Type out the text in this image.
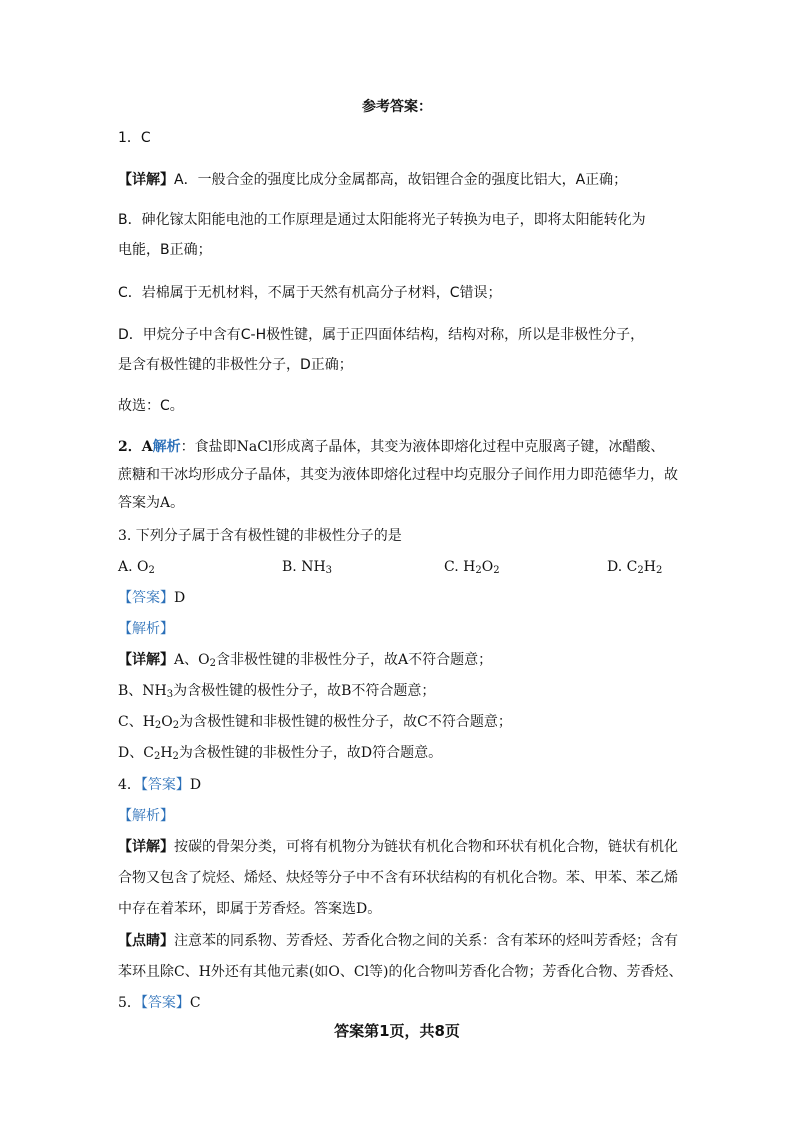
参考答案：
1．C
【详解】A．一般合金的强度比成分金属都高，故铝锂合金的强度比铝大，A正确；
B．砷化镓太阳能电池的工作原理是通过太阳能将光子转换为电子，即将太阳能转化为
电能，B正确；
C．岩棉属于无机材料，不属于天然有机高分子材料，C错误；
D．甲烷分子中含有C-H极性键，属于正四面体结构，结构对称，所以是非极性分子，
是含有极性键的非极性分子，D正确；
故选：C。
2．A解析：食盐即NaCl形成离子晶体，其变为液体即熔化过程中克服离子键，冰醋酸、
蔗糖和干冰均形成分子晶体，其变为液体即熔化过程中均克服分子间作用力即范德华力，故
答案为A。
3. 下列分子属于含有极性键的非极性分子的是
A. $O_2$	B. $NH_3$	C. $H_2O_2$	D. $C_2H_2$
【答案】D
【解析】
【详解】A、$O_2$含非极性键的非极性分子，故A不符合题意；
B、$NH_3$为含极性键的极性分子，故B不符合题意；
C、$H_2O_2$为含极性键和非极性键的极性分子，故C不符合题意；
D、$C_2H_2$为含极性键的非极性分子，故D符合题意。
4．【答案】D
【解析】
【详解】按碳的骨架分类，可将有机物分为链状有机化合物和环状有机化合物，链状有机化
合物又包含了烷烃、烯烃、炔烃等分子中不含有环状结构的有机化合物。苯、甲苯、苯乙烯
中存在着苯环，即属于芳香烃。答案选D。
【点睛】注意苯的同系物、芳香烃、芳香化合物之间的关系：含有苯环的烃叫芳香烃；含有
苯环且除C、H外还有其他元素(如O、Cl等)的化合物叫芳香化合物；芳香化合物、芳香烃、
5．【答案】C
答案第1页，共8页
